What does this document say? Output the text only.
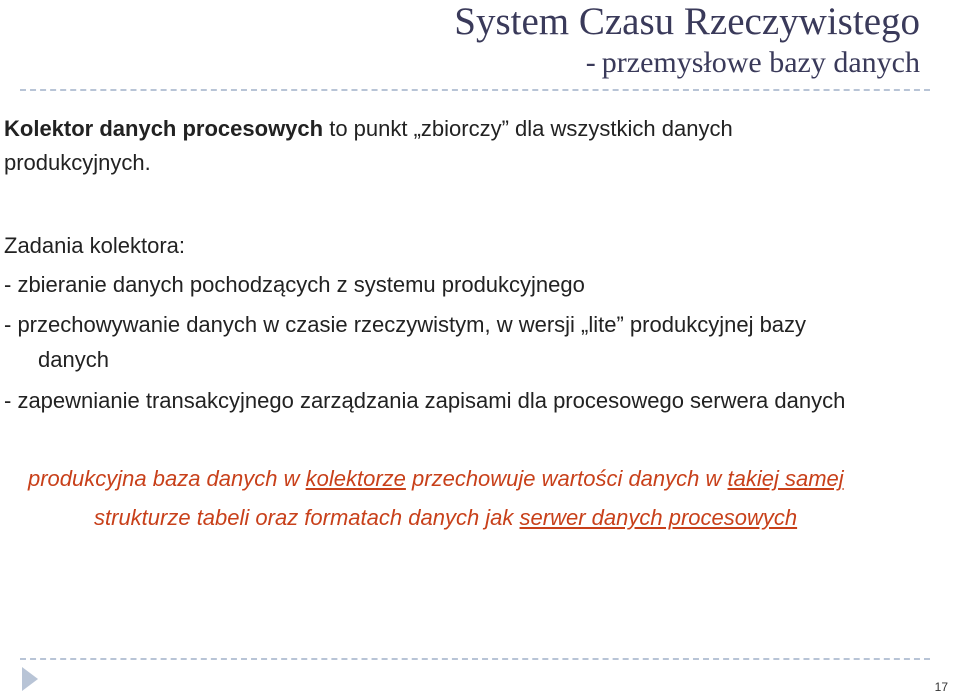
System Czasu Rzeczywistego
- przemysłowe bazy danych
Kolektor danych procesowych to punkt „zbiorczy” dla wszystkich danych
produkcyjnych.
Zadania kolektora:
- zbieranie danych pochodzących z systemu produkcyjnego
- przechowywanie danych w czasie rzeczywistym, w wersji „lite” produkcyjnej bazy
danych
- zapewnianie transakcyjnego zarządzania zapisami dla procesowego serwera danych
produkcyjna baza danych w kolektorze przechowuje wartości danych w takiej samej
strukturze tabeli oraz formatach danych jak serwer danych procesowych
17
